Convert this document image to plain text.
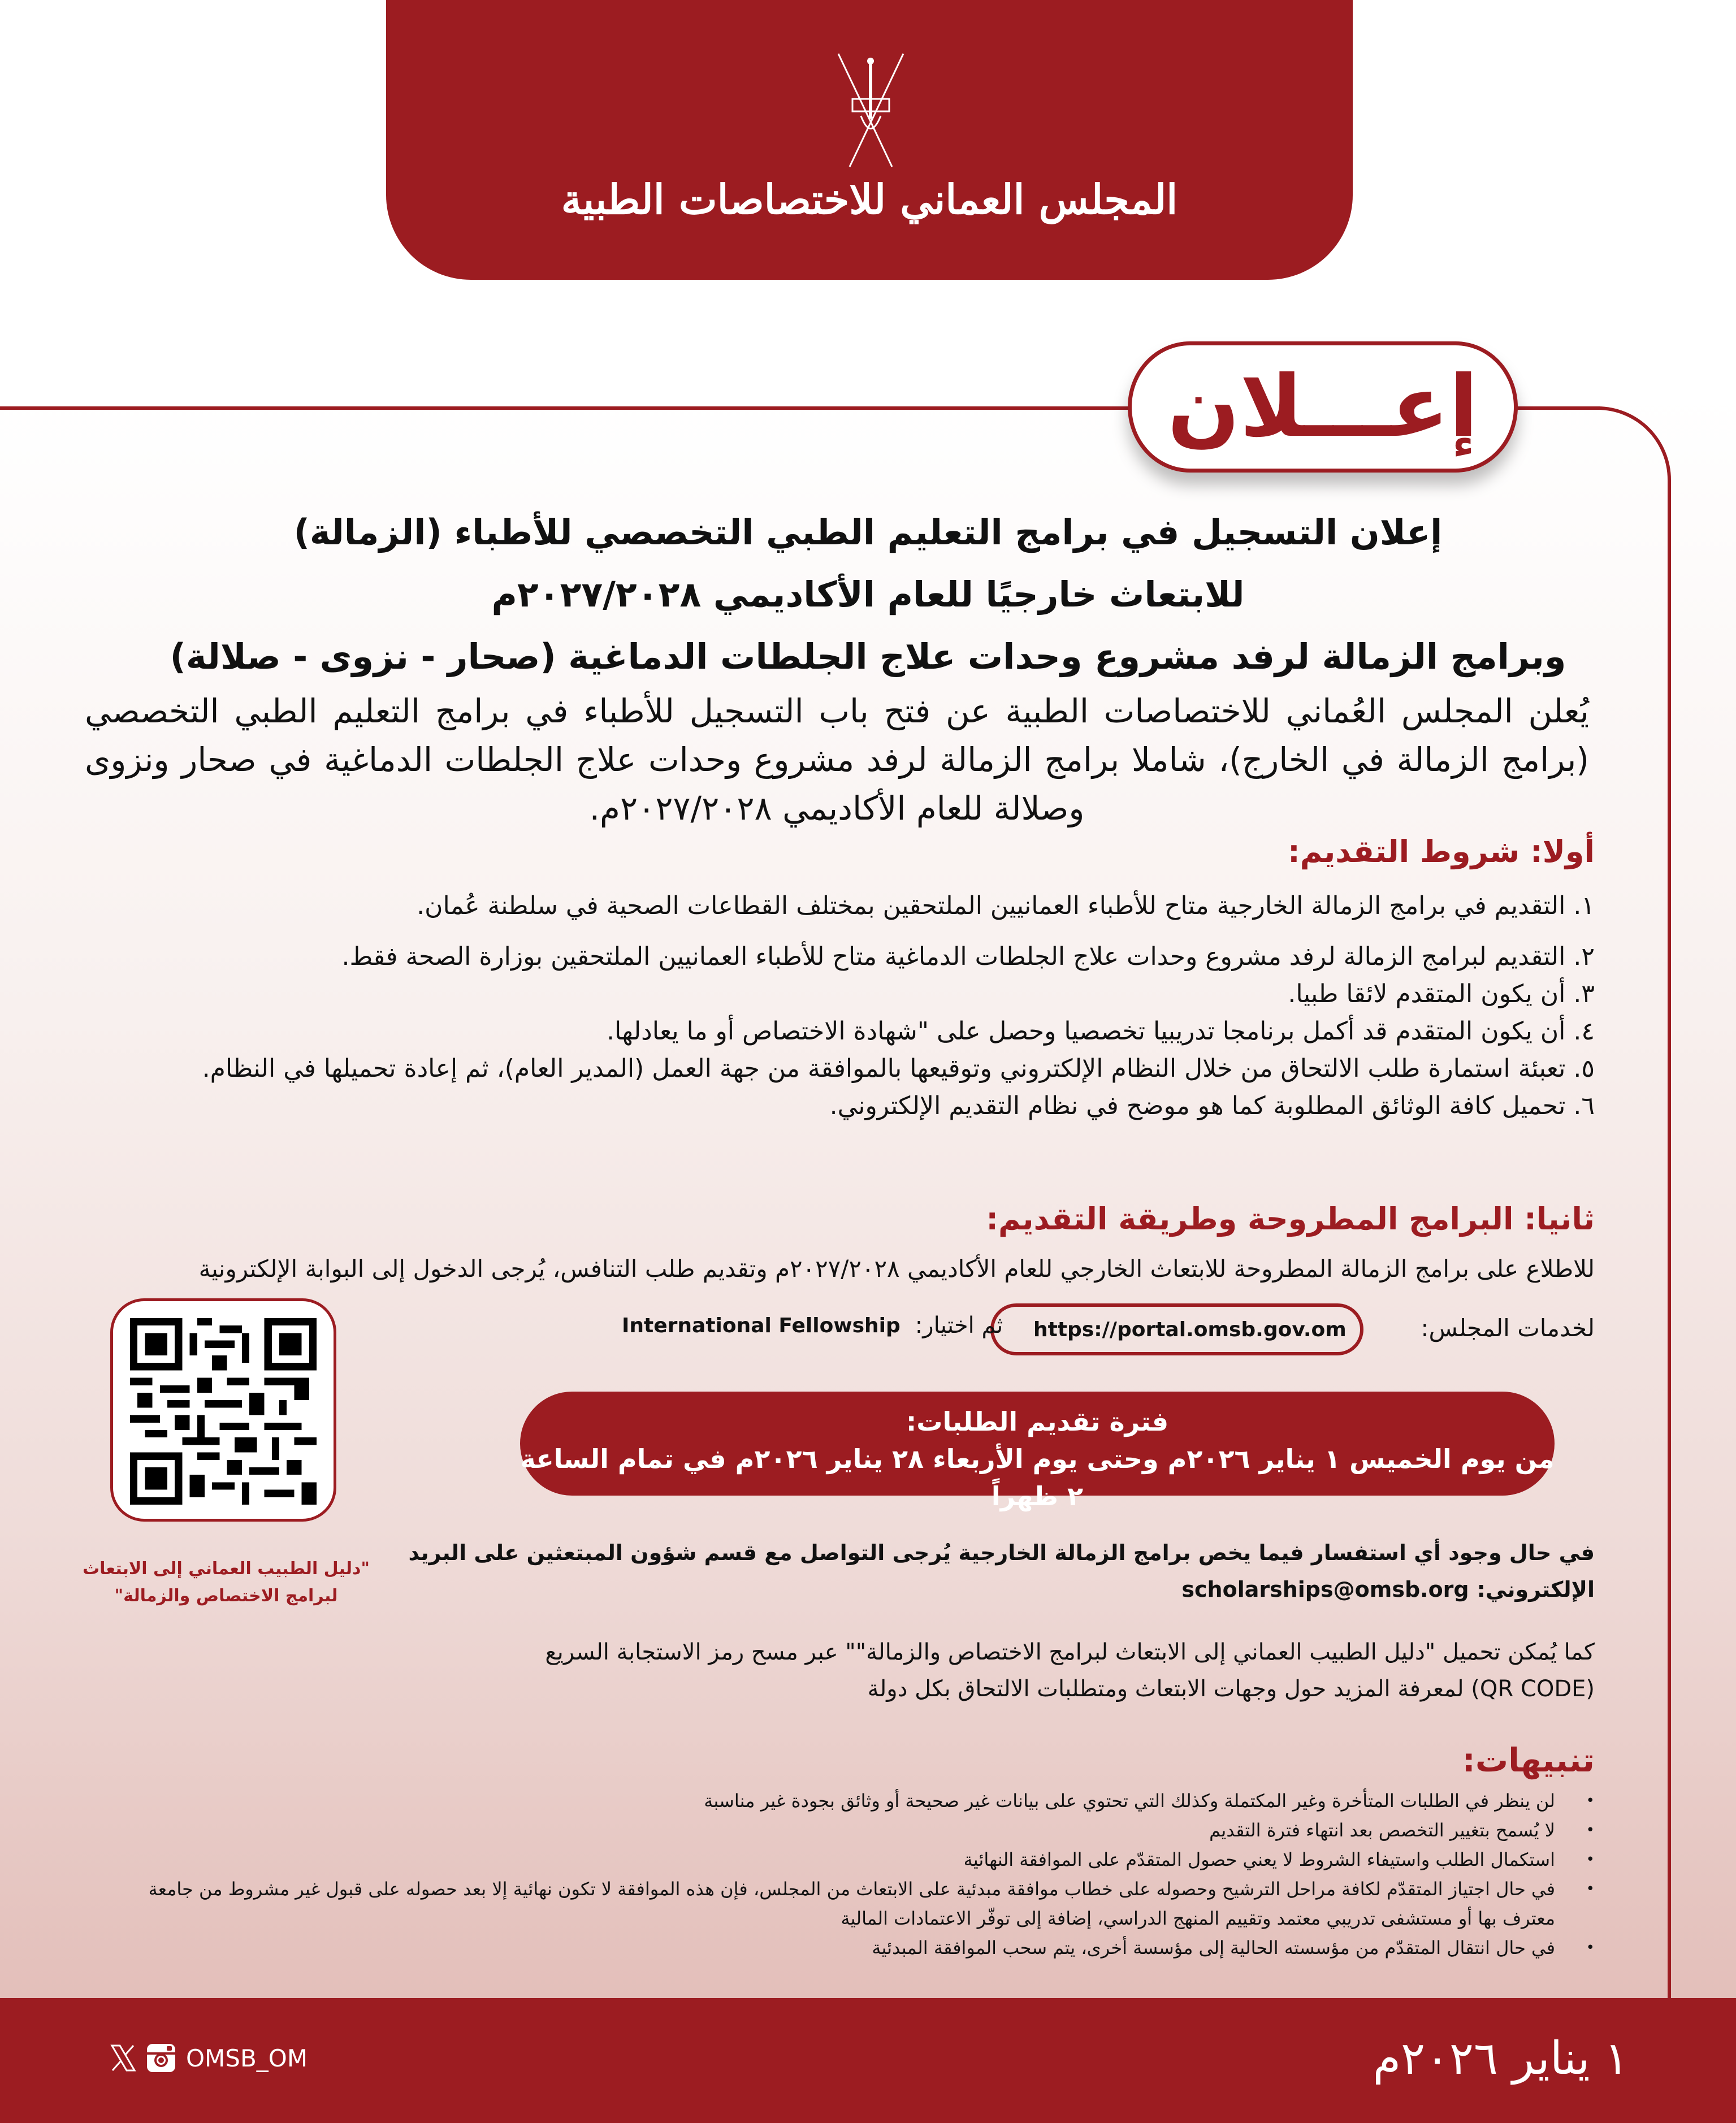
المجلس العماني للاختصاصات الطبية
إعـــلان
إعلان التسجيل في برامج التعليم الطبي التخصصي للأطباء (الزمالة)
للابتعاث خارجيًا للعام الأكاديمي ٢٠٢٧/٢٠٢٨م
وبرامج الزمالة لرفد مشروع وحدات علاج الجلطات الدماغية (صحار - نزوى - صلالة)
يُعلن المجلس العُماني للاختصاصات الطبية عن فتح باب التسجيل للأطباء في برامج التعليم الطبي التخصصي (برامج الزمالة في الخارج)، شاملا برامج الزمالة لرفد مشروع وحدات علاج الجلطات الدماغية في صحار ونزوى وصلالة للعام الأكاديمي ٢٠٢٧/٢٠٢٨م.
أولا: شروط التقديم:
١. التقديم في برامج الزمالة الخارجية متاح للأطباء العمانيين الملتحقين بمختلف القطاعات الصحية في سلطنة عُمان.
٢. التقديم لبرامج الزمالة لرفد مشروع وحدات علاج الجلطات الدماغية متاح للأطباء العمانيين الملتحقين بوزارة الصحة فقط.
٣. أن يكون المتقدم لائقا طبيا.
٤. أن يكون المتقدم قد أكمل برنامجا تدريبيا تخصصيا وحصل على "شهادة الاختصاص أو ما يعادلها.
٥. تعبئة استمارة طلب الالتحاق من خلال النظام الإلكتروني وتوقيعها بالموافقة من جهة العمل (المدير العام)، ثم إعادة تحميلها في النظام.
٦. تحميل كافة الوثائق المطلوبة كما هو موضح في نظام التقديم الإلكتروني.
ثانيا: البرامج المطروحة وطريقة التقديم:
للاطلاع على برامج الزمالة المطروحة للابتعاث الخارجي للعام الأكاديمي ٢٠٢٧/٢٠٢٨م وتقديم طلب التنافس، يُرجى الدخول إلى البوابة الإلكترونية
لخدمات المجلس:
https://portal.omsb.gov.om
ثم اختيار:
International Fellowship
"دليل الطبيب العماني إلى الابتعاث
لبرامج الاختصاص والزمالة"
فترة تقديم الطلبات:
من يوم الخميس ١ يناير ٢٠٢٦م وحتى يوم الأربعاء ٢٨ يناير ٢٠٢٦م في تمام الساعة ٢ ظهراً
في حال وجود أي استفسار فيما يخص برامج الزمالة الخارجية يُرجى التواصل مع قسم شؤون المبتعثين على البريد
الإلكتروني:
scholarships@omsb.org
كما يُمكن تحميل "دليل الطبيب العماني إلى الابتعاث لبرامج الاختصاص والزمالة"" عبر مسح رمز الاستجابة السريع
(QR CODE) لمعرفة المزيد حول وجهات الابتعاث ومتطلبات الالتحاق بكل دولة
تنبيهات:
• لن ينظر في الطلبات المتأخرة وغير المكتملة وكذلك التي تحتوي على بيانات غير صحيحة أو وثائق بجودة غير مناسبة
• لا يُسمح بتغيير التخصص بعد انتهاء فترة التقديم
• استكمال الطلب واستيفاء الشروط لا يعني حصول المتقدّم على الموافقة النهائية
• في حال اجتياز المتقدّم لكافة مراحل الترشيح وحصوله على خطاب موافقة مبدئية على الابتعاث من المجلس، فإن هذه الموافقة لا تكون نهائية إلا بعد حصوله على قبول غير مشروط من جامعة معترف بها أو مستشفى تدريبي معتمد وتقييم المنهج الدراسي، إضافة إلى توفّر الاعتمادات المالية
• في حال انتقال المتقدّم من مؤسسته الحالية إلى مؤسسة أخرى، يتم سحب الموافقة المبدئية
١ يناير ٢٠٢٦م
OMSB_OM
